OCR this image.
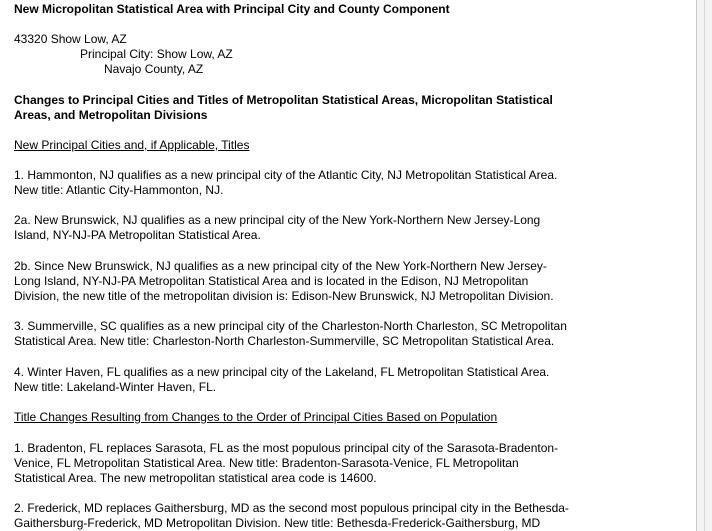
New Micropolitan Statistical Area with Principal City and County Component
43320 Show Low, AZ
Principal City: Show Low, AZ
Navajo County, AZ
Changes to Principal Cities and Titles of Metropolitan Statistical Areas, Micropolitan Statistical
Areas, and Metropolitan Divisions
New Principal Cities and, if Applicable, Titles
1. Hammonton, NJ qualifies as a new principal city of the Atlantic City, NJ Metropolitan Statistical Area.
New title: Atlantic City-Hammonton, NJ.
2a. New Brunswick, NJ qualifies as a new principal city of the New York-Northern New Jersey-Long
Island, NY-NJ-PA Metropolitan Statistical Area.
2b. Since New Brunswick, NJ qualifies as a new principal city of the New York-Northern New Jersey-
Long Island, NY-NJ-PA Metropolitan Statistical Area and is located in the Edison, NJ Metropolitan
Division, the new title of the metropolitan division is: Edison-New Brunswick, NJ Metropolitan Division.
3. Summerville, SC qualifies as a new principal city of the Charleston-North Charleston, SC Metropolitan
Statistical Area. New title: Charleston-North Charleston-Summerville, SC Metropolitan Statistical Area.
4. Winter Haven, FL qualifies as a new principal city of the Lakeland, FL Metropolitan Statistical Area.
New title: Lakeland-Winter Haven, FL.
Title Changes Resulting from Changes to the Order of Principal Cities Based on Population
1. Bradenton, FL replaces Sarasota, FL as the most populous principal city of the Sarasota-Bradenton-
Venice, FL Metropolitan Statistical Area. New title: Bradenton-Sarasota-Venice, FL Metropolitan
Statistical Area. The new metropolitan statistical area code is 14600.
2. Frederick, MD replaces Gaithersburg, MD as the second most populous principal city in the Bethesda-
Gaithersburg-Frederick, MD Metropolitan Division. New title: Bethesda-Frederick-Gaithersburg, MD
